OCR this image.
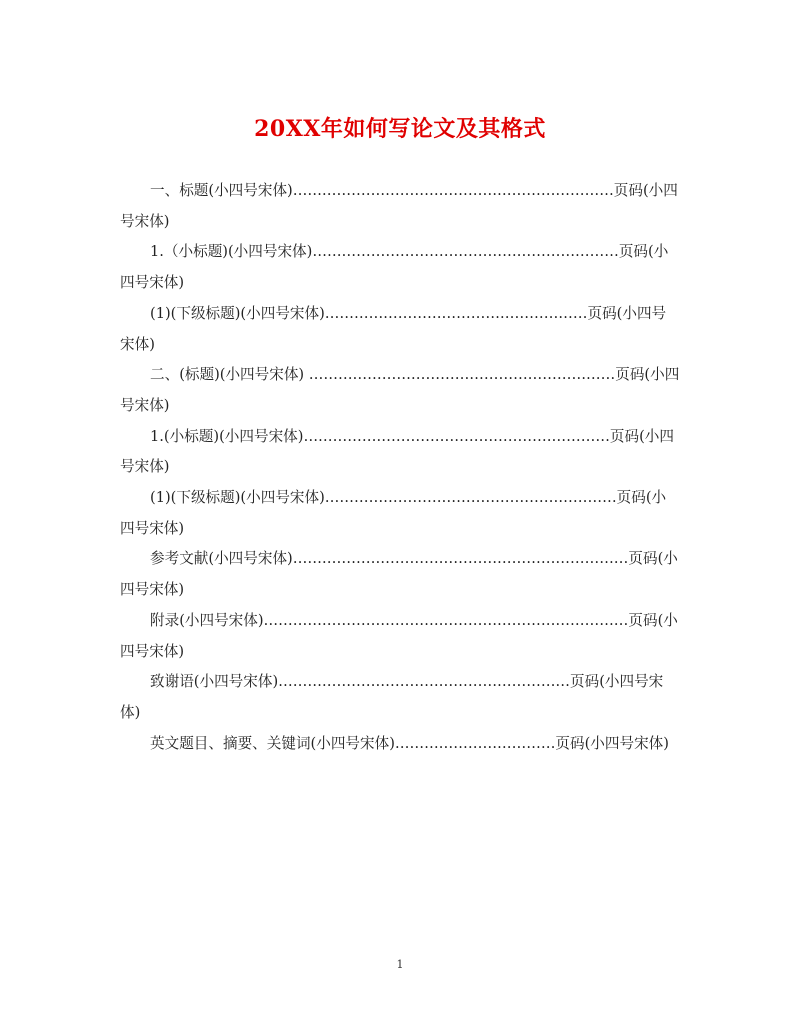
20XX年如何写论文及其格式

一、标题(小四号宋体)…………………………………………………………页码(小四号宋体)

1.（小标题)(小四号宋体)………………………………………………………页码(小四号宋体)

(1)(下级标题)(小四号宋体)………………………………………………页码(小四号宋体)

二、(标题)(小四号宋体) ………………………………………………………页码(小四号宋体)

1.(小标题)(小四号宋体)………………………………………………………页码(小四号宋体)

(1)(下级标题)(小四号宋体)……………………………………………………页码(小四号宋体)

参考文献(小四号宋体)……………………………………………………………页码(小四号宋体)

附录(小四号宋体)…………………………………………………………………页码(小四号宋体)

致谢语(小四号宋体)……………………………………………………页码(小四号宋体)

英文题目、摘要、关键词(小四号宋体)……………………………页码(小四号宋体)

1
